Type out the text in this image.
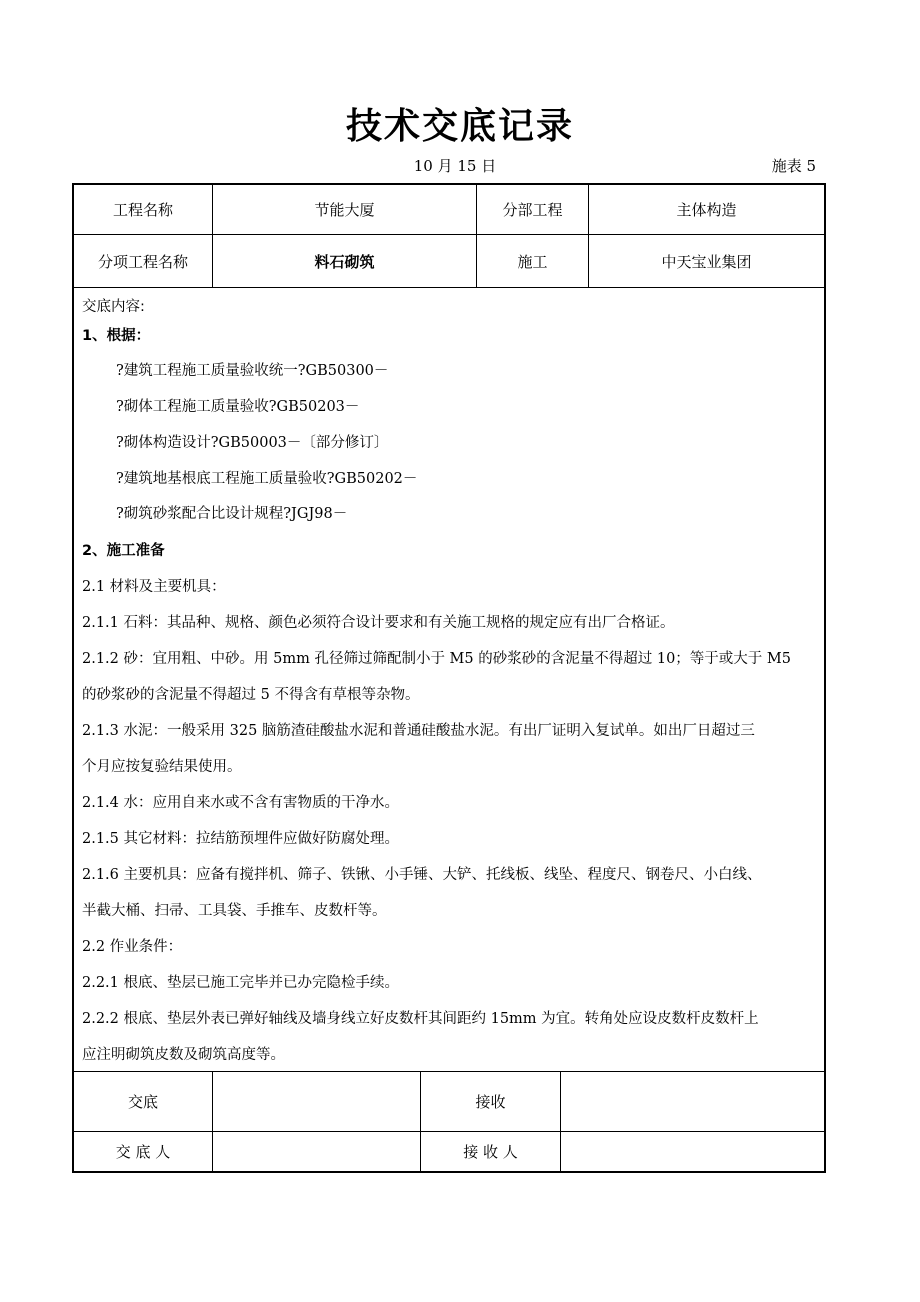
技术交底记录
10 月 15 日	施表 5
工程名称	节能大厦	分部工程	主体构造
分项工程名称	料石砌筑	施工	中天宝业集团
交底内容:
1、根据：
?建筑工程施工质量验收统一?GB50300－
?砌体工程施工质量验收?GB50203－
?砌体构造设计?GB50003－〔部分修订〕
?建筑地基根底工程施工质量验收?GB50202－
?砌筑砂浆配合比设计规程?JGJ98－
2、施工准备
2.1 材料及主要机具：
2.1.1 石料：其品种、规格、颜色必须符合设计要求和有关施工规格的规定应有出厂合格证。
2.1.2 砂：宜用粗、中砂。用 5mm 孔径筛过筛配制小于 M5 的砂浆砂的含泥量不得超过 10；等于或大于 M5
的砂浆砂的含泥量不得超过 5 不得含有草根等杂物。
2.1.3 水泥：一般采用 325 脑筋渣硅酸盐水泥和普通硅酸盐水泥。有出厂证明入复试单。如出厂日超过三
个月应按复验结果使用。
2.1.4 水：应用自来水或不含有害物质的干净水。
2.1.5 其它材料：拉结筋预埋件应做好防腐处理。
2.1.6 主要机具：应备有搅拌机、筛子、铁锹、小手锤、大铲、托线板、线坠、程度尺、钢卷尺、小白线、
半截大桶、扫帚、工具袋、手推车、皮数杆等。
2.2 作业条件：
2.2.1 根底、垫层已施工完毕并已办完隐检手续。
2.2.2 根底、垫层外表已弹好轴线及墙身线立好皮数杆其间距约 15mm 为宜。转角处应设皮数杆皮数杆上
应注明砌筑皮数及砌筑高度等。
交底	接收
交 底 人	接 收 人
